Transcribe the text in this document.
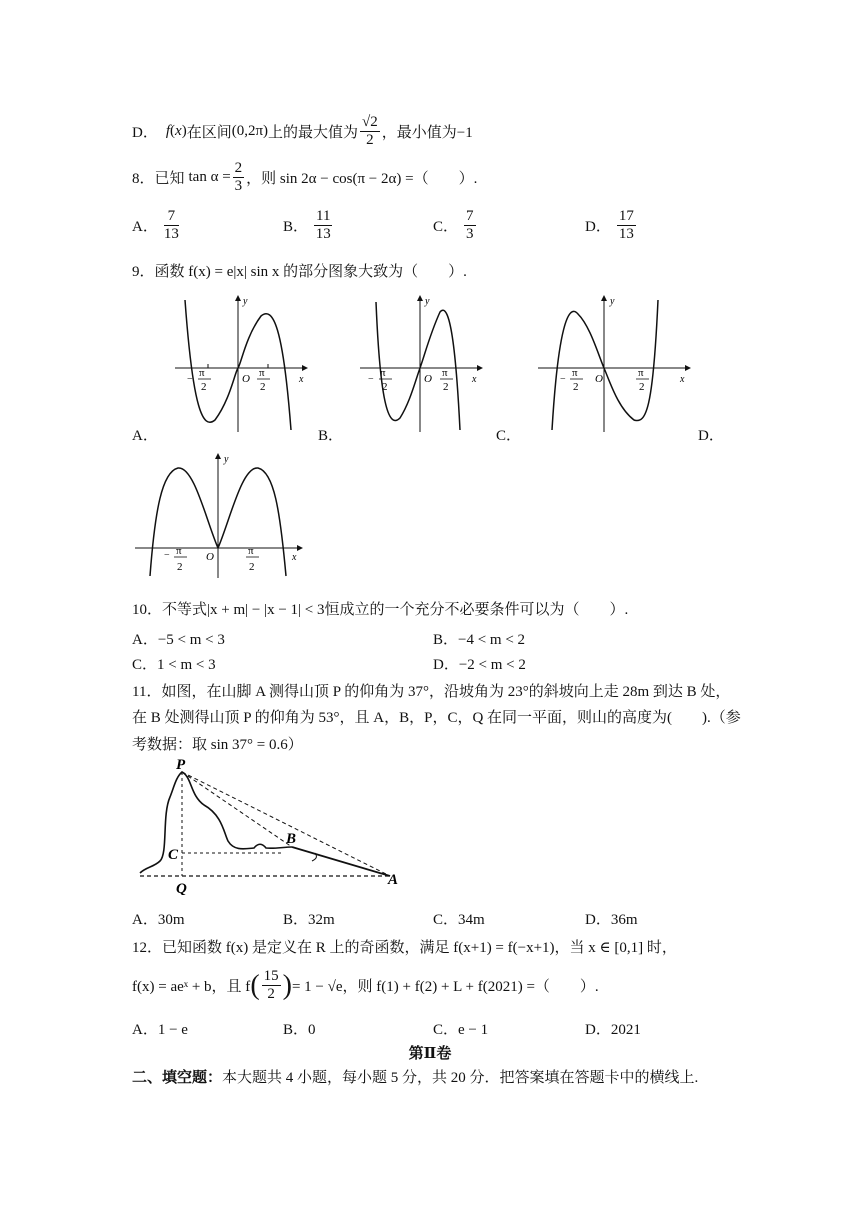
D． f (x) 在区间 (0,2π) 上的最大值为 $\frac{√2}{2}$ ，最小值为−1
8．已知 $\tan \alpha = \frac{2}{3}$ ，则 sin 2α − cos(π − 2α) =（　　）.
A． $\frac{7}{13}$	B． $\frac{11}{13}$	C． $\frac{7}{3}$	D． $\frac{17}{13}$
9．函数 f(x) = e|x| sin x 的部分图象大致为（　　）.
−
π
2
O π
2
x
y
−
π
2
O π
2
x
y
−
π
2
O	π
2
x
y
A．	B．	C．	D．
− π
2
O	π
2
x
y
10．不等式|x + m| − |x − 1| < 3恒成立的一个充分不必要条件可以为（　　）.
A．−5 < m < 3	B．−4 < m < 2
C．1 < m < 3	D．−2 < m < 2
11．如图，在山脚 A 测得山顶 P 的仰角为 37°，沿坡角为 23°的斜坡向上走 28m 到达 B 处，
在 B 处测得山顶 P 的仰角为 53°，且 A，B，P，C，Q 在同一平面，则山的高度为(　　).（参
考数据：取 sin 37° = 0.6）
P
B
C
Q
A
A．30m	B．32m	C．34m	D．36m
12．已知函数 f(x) 是定义在 R 上的奇函数，满足 f(x+1) = f(−x+1)，当 x ∈ [0,1] 时，
f(x) = aeˣ + b，且 f ( $\frac{15}{2}$ ) = 1 − √e，则 f(1) + f(2) + L + f(2021) =（　　）.
A．1 − e	B．0	C．e − 1	D．2021
第Ⅱ卷
二、填空题：本大题共 4 小题，每小题 5 分，共 20 分．把答案填在答题卡中的横线上.
